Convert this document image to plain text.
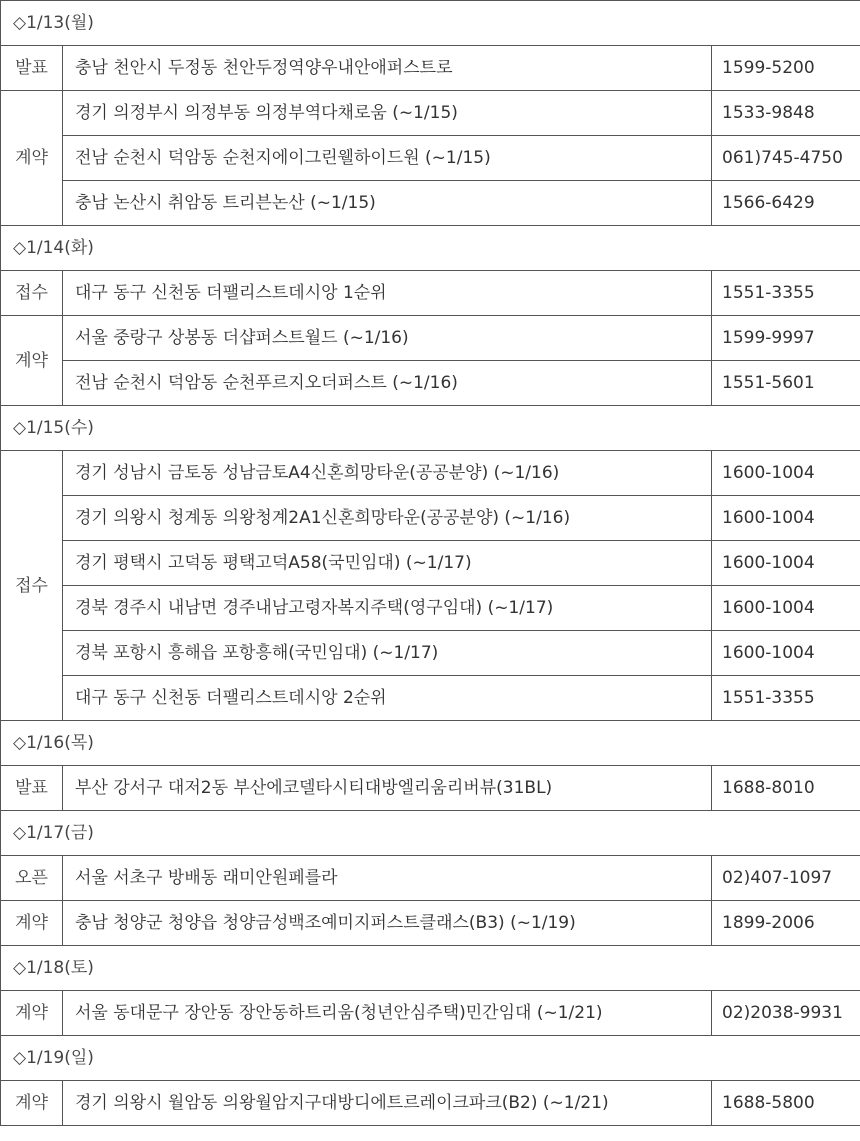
◇1/13(월)		
발표	충남 천안시 두정동 천안두정역양우내안애퍼스트로	1599-5200
계약	경기 의정부시 의정부동 의정부역다채로움 (~1/15)	1533-9848
	전남 순천시 덕암동 순천지에이그린웰하이드원 (~1/15)	061)745-4750
	충남 논산시 취암동 트리븐논산 (~1/15)	1566-6429
◇1/14(화)		
접수	대구 동구 신천동 더팰리스트데시앙 1순위	1551-3355
계약	서울 중랑구 상봉동 더샵퍼스트월드 (~1/16)	1599-9997
	전남 순천시 덕암동 순천푸르지오더퍼스트 (~1/16)	1551-5601
◇1/15(수)		
접수	경기 성남시 금토동 성남금토A4신혼희망타운(공공분양) (~1/16)	1600-1004
	경기 의왕시 청계동 의왕청계2A1신혼희망타운(공공분양) (~1/16)	1600-1004
	경기 평택시 고덕동 평택고덕A58(국민임대) (~1/17)	1600-1004
	경북 경주시 내남면 경주내남고령자복지주택(영구임대) (~1/17)	1600-1004
	경북 포항시 흥해읍 포항흥해(국민임대) (~1/17)	1600-1004
	대구 동구 신천동 더팰리스트데시앙 2순위	1551-3355
◇1/16(목)		
발표	부산 강서구 대저2동 부산에코델타시티대방엘리움리버뷰(31BL)	1688-8010
◇1/17(금)		
오픈	서울 서초구 방배동 래미안원페를라	02)407-1097
계약	충남 청양군 청양읍 청양금성백조예미지퍼스트클래스(B3) (~1/19)	1899-2006
◇1/18(토)		
계약	서울 동대문구 장안동 장안동하트리움(청년안심주택)민간임대 (~1/21)	02)2038-9931
◇1/19(일)		
계약	경기 의왕시 월암동 의왕월암지구대방디에트르레이크파크(B2) (~1/21)	1688-5800
